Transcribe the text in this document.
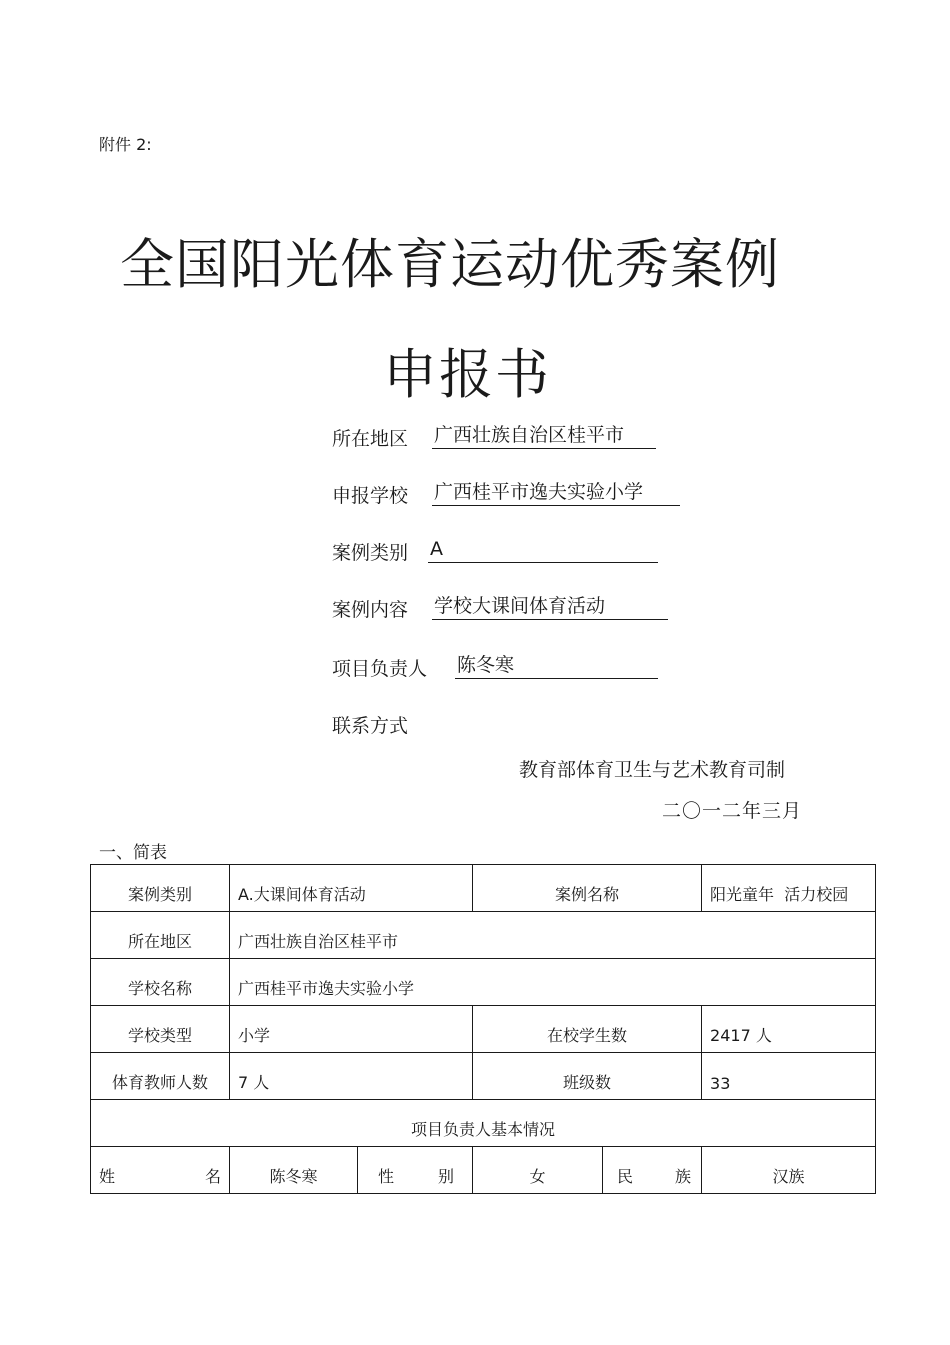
附件 2:
全国阳光体育运动优秀案例
申报书
所在地区 广西壮族自治区桂平市
申报学校 广西桂平市逸夫实验小学
案例类别 A
案例内容 学校大课间体育活动
项目负责人 陈冬寒
联系方式
教育部体育卫生与艺术教育司制
二〇一二年三月
一、简表
案例类别	A.大课间体育活动		案例名称		阳光童年  活力校园
所在地区	广西壮族自治区桂平市				
学校名称	广西桂平市逸夫实验小学				
学校类型	小学		在校学生数		2417 人
体育教师人数	7 人		班级数		33
项目负责人基本情况					
姓名	陈冬寒	性别	女	民族	汉族
